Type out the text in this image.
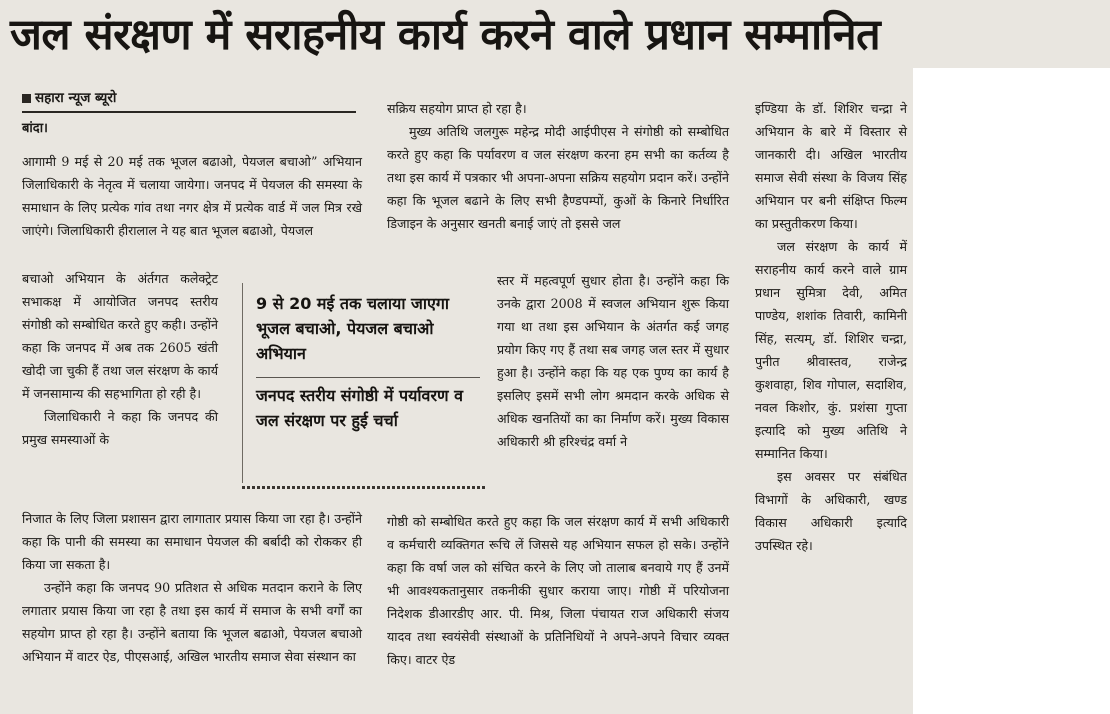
जल संरक्षण में सराहनीय कार्य करने वाले प्रधान सम्मानित
सहारा न्यूज ब्यूरो
बांदा।

आगामी 9 मई से 20 मई तक भूजल बढाओ, पेयजल बचाओ” अभियान जिलाधिकारी के नेतृत्व में चलाया जायेगा। जनपद में पेयजल की समस्या के समाधान के लिए प्रत्येक गांव तथा नगर क्षेत्र में प्रत्येक वार्ड में जल मित्र रखे जाएंगे। जिलाधिकारी हीरालाल ने यह बात भूजल बढाओ, पेयजल

बचाओ अभियान के अंर्तगत कलेक्ट्रेट सभाकक्ष में आयोजित जनपद स्तरीय संगोष्ठी को सम्बोधित करते हुए कही। उन्होंने कहा कि जनपद में अब तक 2605 खंती खोदी जा चुकी हैं तथा जल संरक्षण के कार्य में जनसामान्य की सहभागिता हो रही है।

जिलाधिकारी ने कहा कि जनपद की प्रमुख समस्याओं के

निजात के लिए जिला प्रशासन द्वारा लागातार प्रयास किया जा रहा है। उन्होंने कहा कि पानी की समस्या का समाधान पेयजल की बर्बादी को रोककर ही किया जा सकता है।

उन्होंने कहा कि जनपद 90 प्रतिशत से अधिक मतदान कराने के लिए लगातार प्रयास किया जा रहा है तथा इस कार्य में समाज के सभी वर्गों का सहयोग प्राप्त हो रहा है। उन्होंने बताया कि भूजल बढाओ, पेयजल बचाओ अभियान में वाटर ऐड, पीएसआई, अखिल भारतीय समाज सेवा संस्थान का

9 से 20 मई तक चलाया जाएगा भूजल बचाओ, पेयजल बचाओ अभियान
जनपद स्तरीय संगोष्ठी में पर्यावरण व जल संरक्षण पर हुई चर्चा

सक्रिय सहयोग प्राप्त हो रहा है।

मुख्य अतिथि जलगुरू महेन्द्र मोदी आईपीएस ने संगोष्ठी को सम्बोधित करते हुए कहा कि पर्यावरण व जल संरक्षण करना हम सभी का कर्तव्य है तथा इस कार्य में पत्रकार भी अपना-अपना सक्रिय सहयोग प्रदान करें। उन्होंने कहा कि भूजल बढाने के लिए सभी हैण्डपम्पों, कुओं के किनारे निर्धारित डिजाइन के अनुसार खनती बनाई जाएं तो इससे जल

स्तर में महत्वपूर्ण सुधार होता है। उन्होंने कहा कि उनके द्वारा 2008 में स्वजल अभियान शुरू किया गया था तथा इस अभियान के अंतर्गत कई जगह प्रयोग किए गए हैं तथा सब जगह जल स्तर में सुधार हुआ है। उन्होंने कहा कि यह एक पुण्य का कार्य है इसलिए इसमें सभी लोग श्रमदान करके अधिक से अधिक खनतियों का का निर्माण करें। मुख्य विकास अधिकारी श्री हरिश्चंद्र वर्मा ने

गोष्ठी को सम्बोधित करते हुए कहा कि जल संरक्षण कार्य में सभी अधिकारी व कर्मचारी व्यक्तिगत रूचि लें जिससे यह अभियान सफल हो सके। उन्होंने कहा कि वर्षा जल को संचित करने के लिए जो तालाब बनवाये गए हैं उनमें भी आवश्यकतानुसार तकनीकी सुधार कराया जाए। गोष्ठी में परियोजना निदेशक डीआरडीए आर. पी. मिश्र, जिला पंचायत राज अधिकारी संजय यादव तथा स्वयंसेवी संस्थाओं के प्रतिनिधियों ने अपने-अपने विचार व्यक्त किए। वाटर ऐड

इण्डिया के डॉ. शिशिर चन्द्रा ने अभियान के बारे में विस्तार से जानकारी दी। अखिल भारतीय समाज सेवी संस्था के विजय सिंह अभियान पर बनी संक्षिप्त फिल्म का प्रस्तुतीकरण किया।

जल संरक्षण के कार्य में सराहनीय कार्य करने वाले ग्राम प्रधान सुमित्रा देवी, अमित पाण्डेय, शशांक तिवारी, कामिनी सिंह, सत्यम्, डॉ. शिशिर चन्द्रा, पुनीत श्रीवास्तव, राजेन्द्र कुशवाहा, शिव गोपाल, सदाशिव, नवल किशोर, कुं. प्रशंसा गुप्ता इत्यादि को मुख्य अतिथि ने सम्मानित किया।

इस अवसर पर संबंधित विभागों के अधिकारी, खण्ड विकास अधिकारी इत्यादि उपस्थित रहे।
